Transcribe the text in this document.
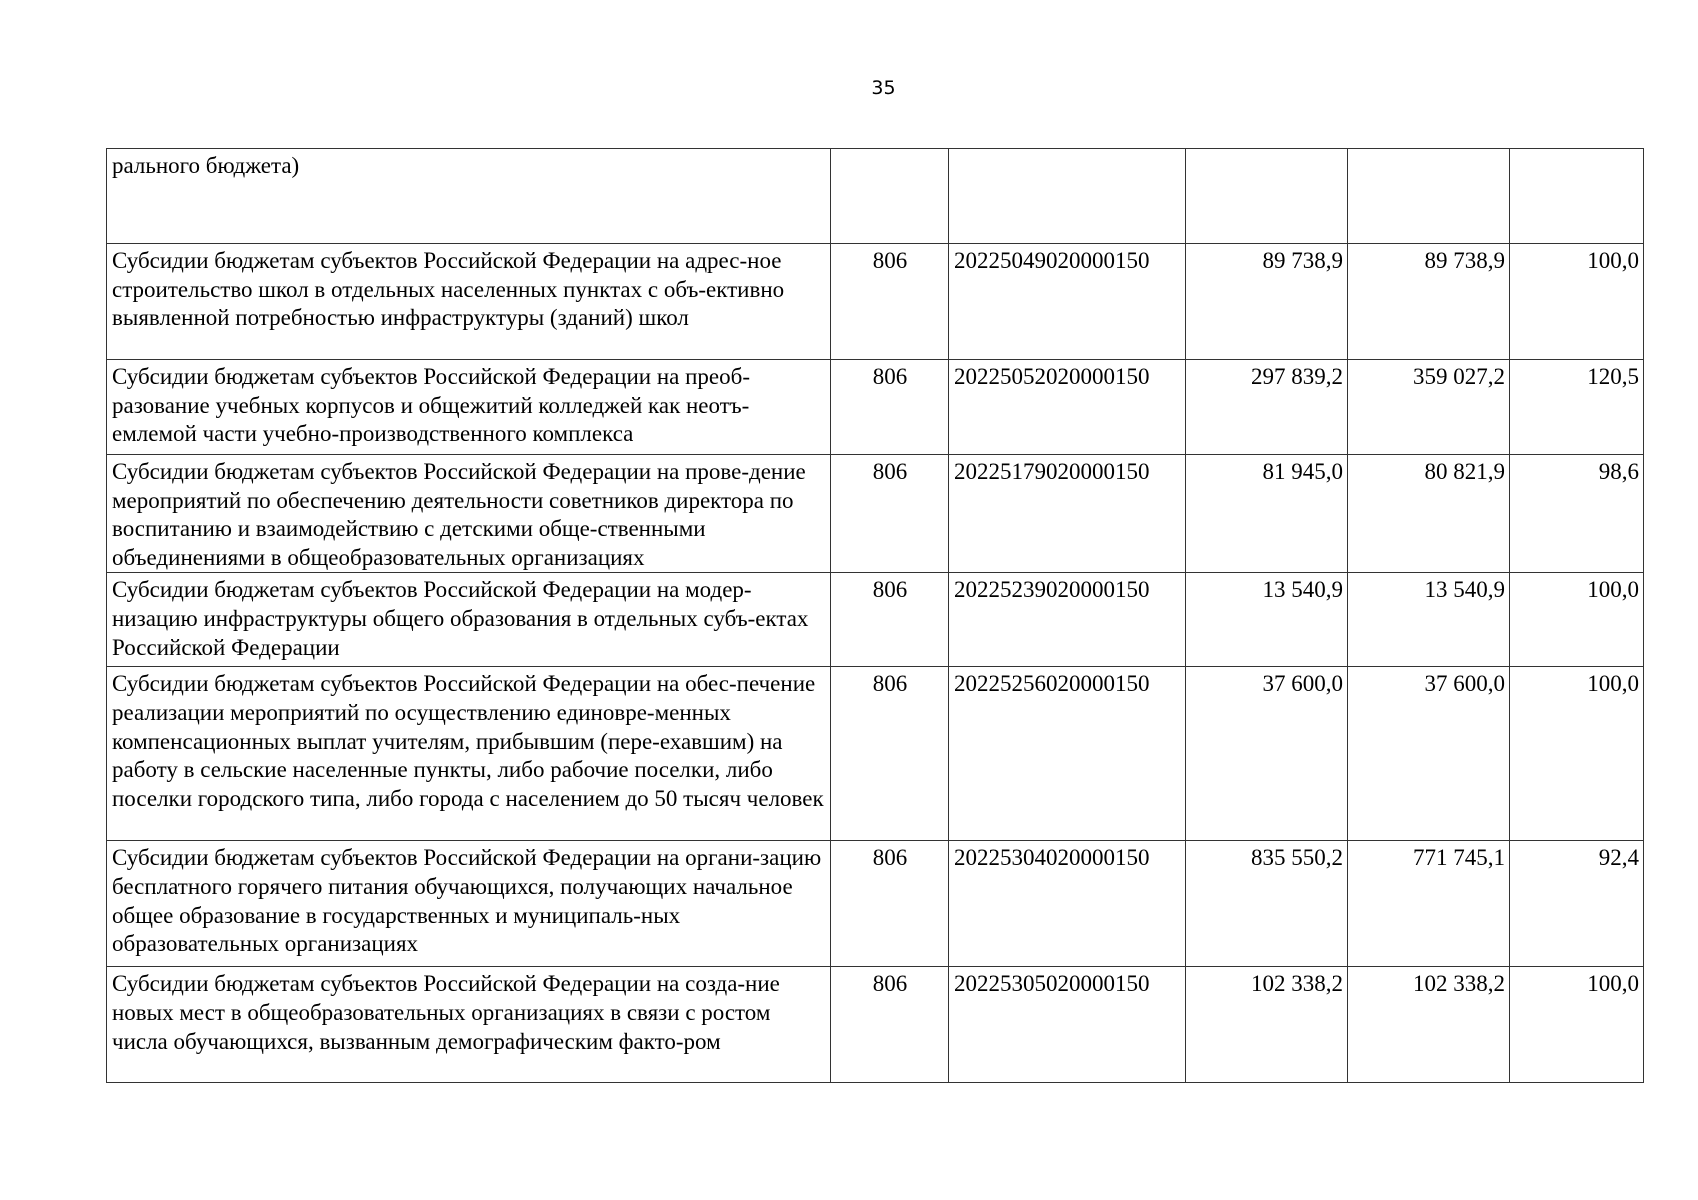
35
рального бюджета)					
Субсидии бюджетам субъектов Российской Федерации на адрес-ное строительство школ в отдельных населенных пунктах с объ-ективно выявленной потребностью инфраструктуры (зданий) школ	806	20225049020000150	89 738,9	89 738,9	100,0
Субсидии бюджетам субъектов Российской Федерации на преоб-разование учебных корпусов и общежитий колледжей как неотъ-емлемой части учебно-производственного комплекса	806	20225052020000150	297 839,2	359 027,2	120,5
Субсидии бюджетам субъектов Российской Федерации на прове-дение мероприятий по обеспечению деятельности советников директора по воспитанию и взаимодействию с детскими обще-ственными объединениями в общеобразовательных организациях	806	20225179020000150	81 945,0	80 821,9	98,6
Субсидии бюджетам субъектов Российской Федерации на модер-низацию инфраструктуры общего образования в отдельных субъ-ектах Российской Федерации	806	20225239020000150	13 540,9	13 540,9	100,0
Субсидии бюджетам субъектов Российской Федерации на обес-печение реализации мероприятий по осуществлению единовре-менных компенсационных выплат учителям, прибывшим (пере-ехавшим) на работу в сельские населенные пункты, либо рабочие поселки, либо поселки городского типа, либо города с населением до 50 тысяч человек	806	20225256020000150	37 600,0	37 600,0	100,0
Субсидии бюджетам субъектов Российской Федерации на органи-зацию бесплатного горячего питания обучающихся, получающих начальное общее образование в государственных и муниципаль-ных образовательных организациях	806	20225304020000150	835 550,2	771 745,1	92,4
Субсидии бюджетам субъектов Российской Федерации на созда-ние новых мест в общеобразовательных организациях в связи с ростом числа обучающихся, вызванным демографическим факто-ром	806	20225305020000150	102 338,2	102 338,2	100,0
